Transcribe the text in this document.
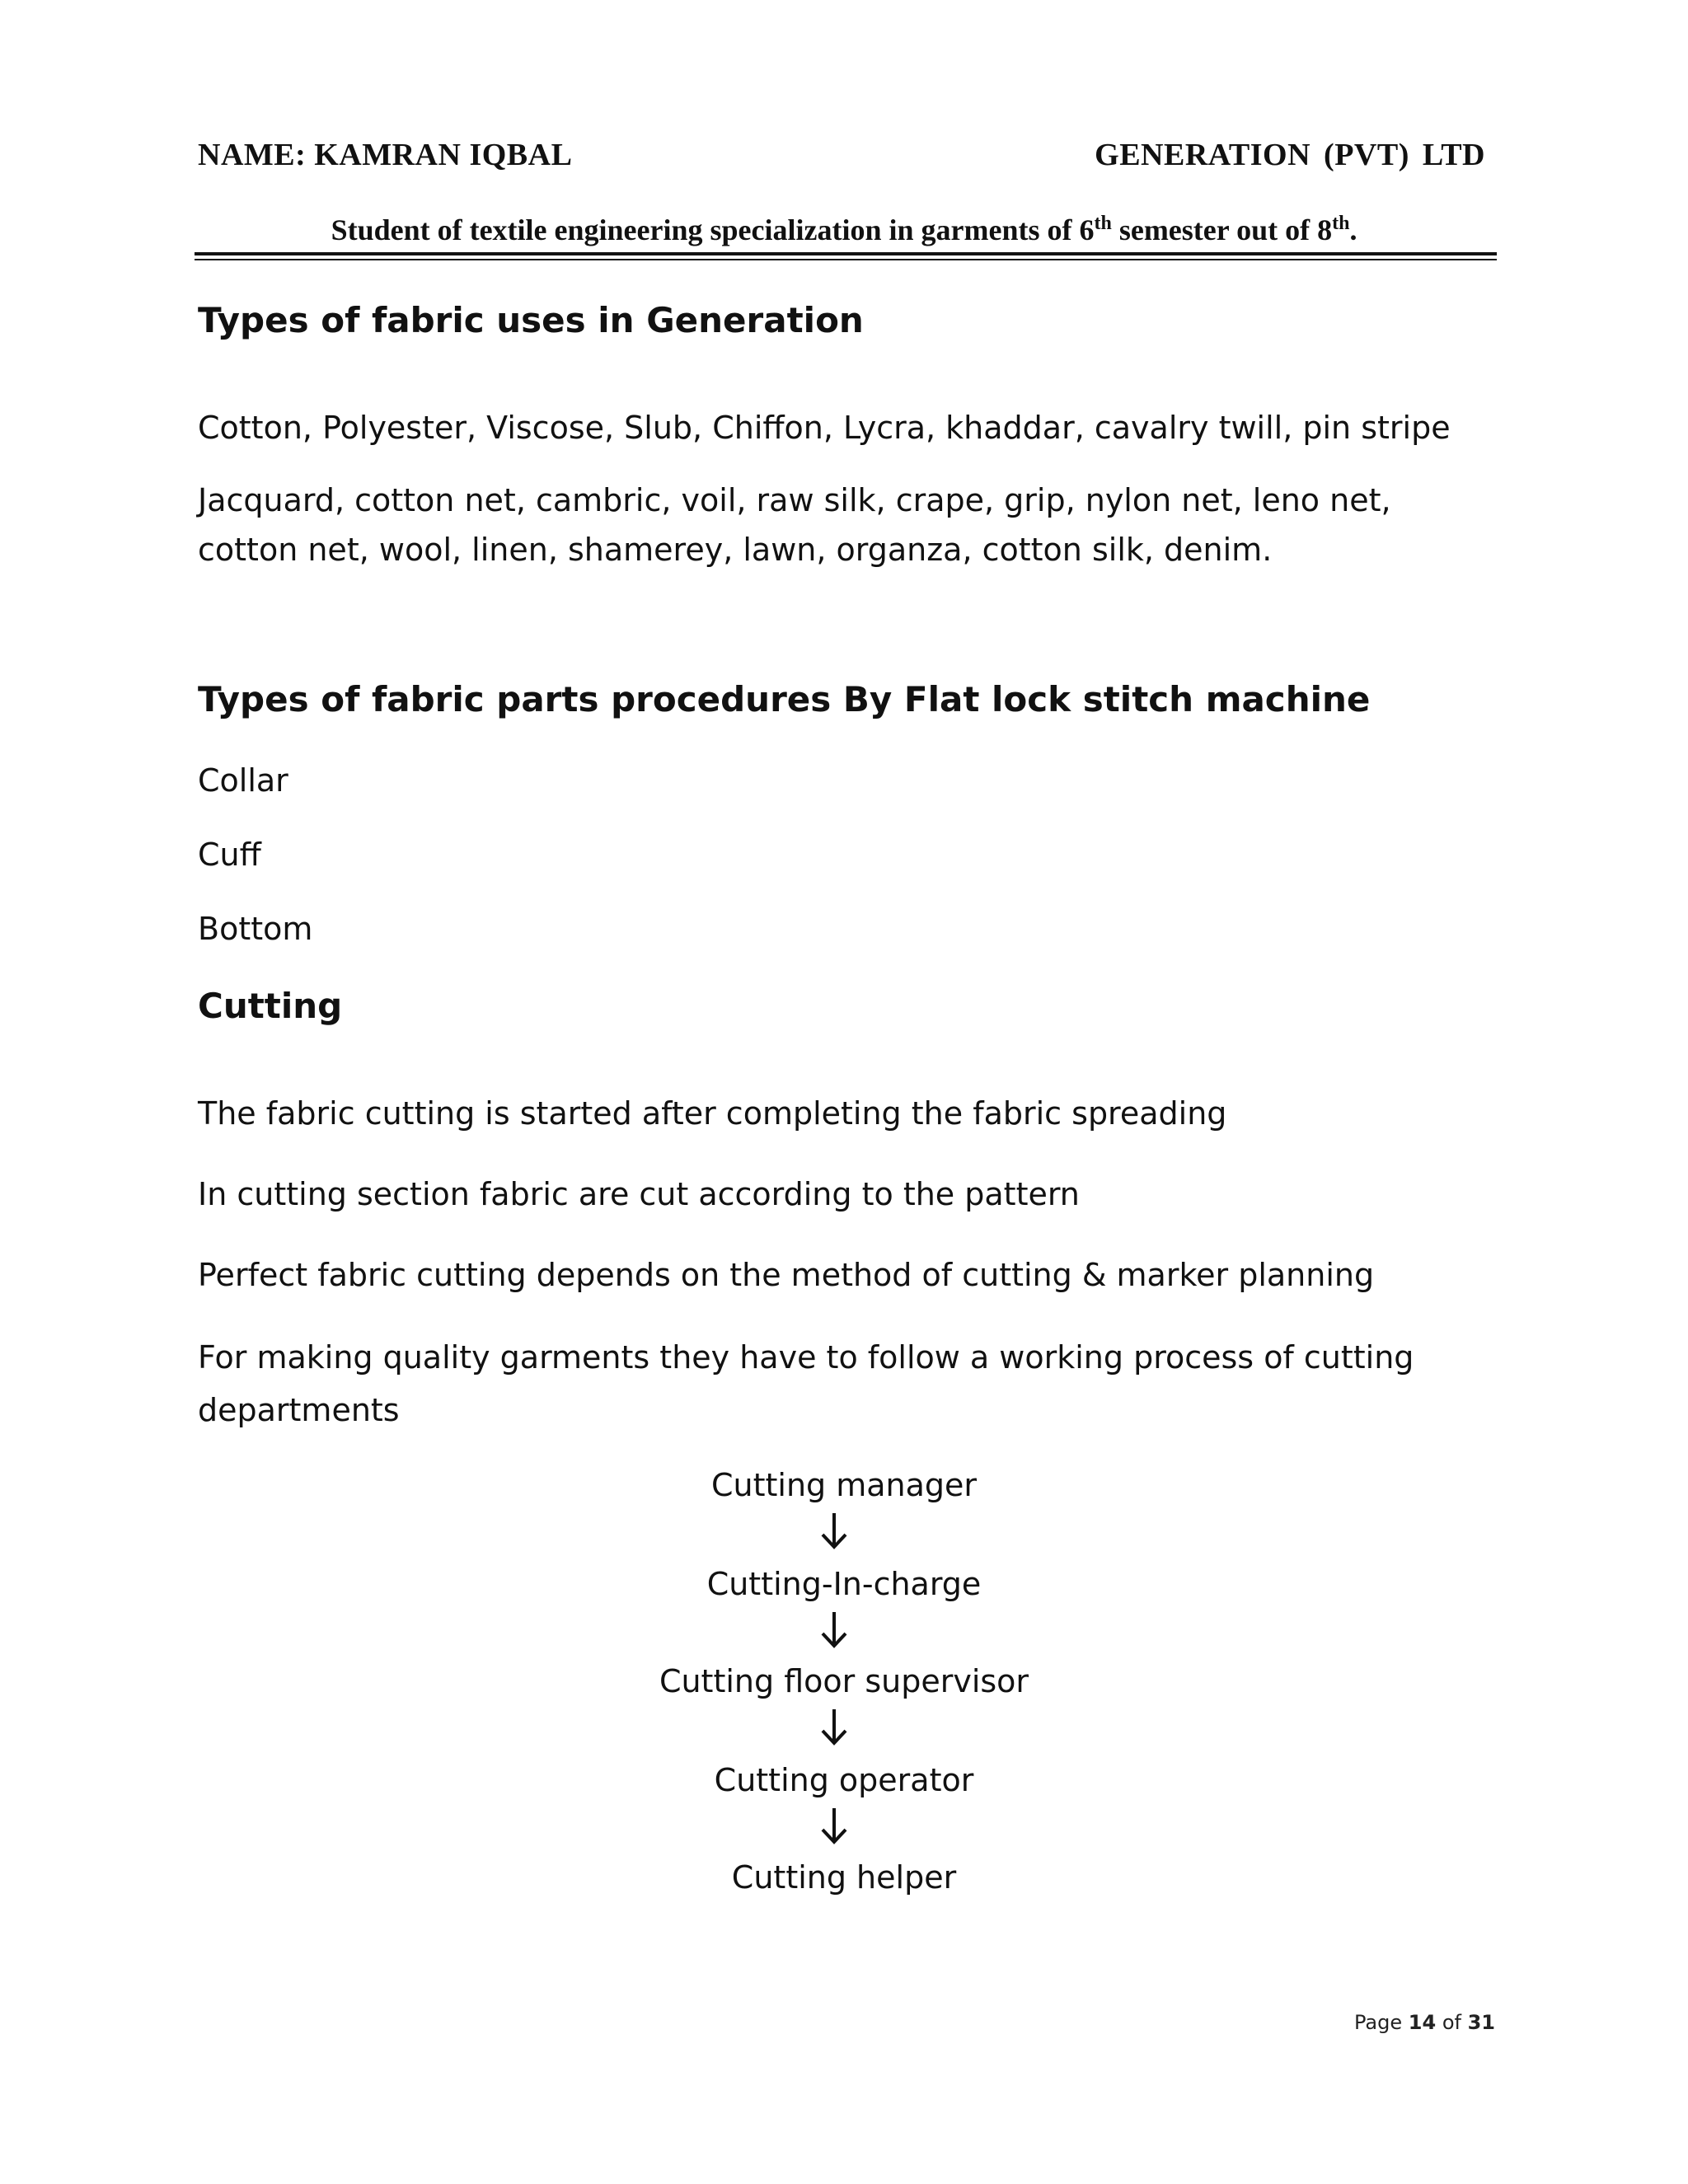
NAME: KAMRAN IQBAL	GENERATION (PVT) LTD
Student of textile engineering specialization in garments of 6th semester out of 8th.
Types of fabric uses in Generation
Cotton, Polyester, Viscose, Slub, Chiffon, Lycra, khaddar, cavalry twill, pin stripe
Jacquard, cotton net, cambric, voil, raw silk, crape, grip, nylon net, leno net,
cotton net, wool, linen, shamerey, lawn, organza, cotton silk, denim.
Types of fabric parts procedures By Flat lock stitch machine
Collar
Cuff
Bottom
Cutting
The fabric cutting is started after completing the fabric spreading
In cutting section fabric are cut according to the pattern
Perfect fabric cutting depends on the method of cutting & marker planning
For making quality garments they have to follow a working process of cutting
departments
Cutting manager
Cutting-In-charge
Cutting floor supervisor
Cutting operator
Cutting helper
Page 14 of 31
